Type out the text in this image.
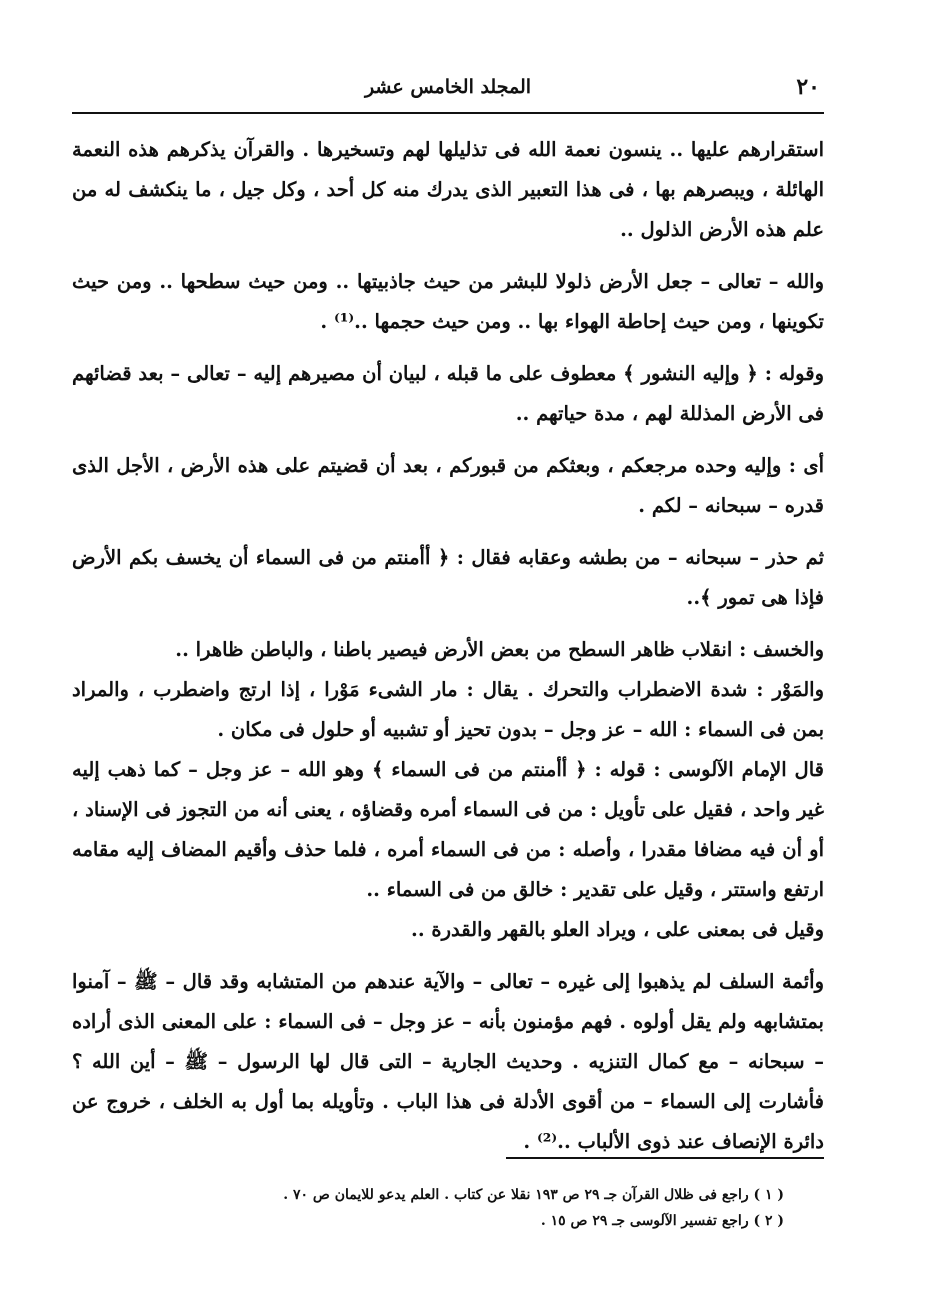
٢٠
المجلد الخامس عشر

استقرارهم عليها .. ينسون نعمة الله فى تذليلها لهم وتسخيرها . والقرآن يذكرهم هذه النعمة الهائلة ، ويبصرهم بها ، فى هذا التعبير الذى يدرك منه كل أحد ، وكل جيل ، ما ينكشف له من علم هذه الأرض الذلول ..

والله – تعالى – جعل الأرض ذلولا للبشر من حيث جاذبيتها .. ومن حيث سطحها .. ومن حيث تكوينها ، ومن حيث إحاطة الهواء بها .. ومن حيث حجمها ..⁽¹⁾ .

وقوله : ﴿ وإليه النشور ﴾ معطوف على ما قبله ، لبيان أن مصيرهم إليه – تعالى – بعد قضائهم فى الأرض المذللة لهم ، مدة حياتهم ..

أى : وإليه وحده مرجعكم ، وبعثكم من قبوركم ، بعد أن قضيتم على هذه الأرض ، الأجل الذى قدره – سبحانه – لكم .

ثم حذر – سبحانه – من بطشه وعقابه فقال : ﴿ أأمنتم من فى السماء أن يخسف بكم الأرض فإذا هى تمور ﴾..

والخسف : انقلاب ظاهر السطح من بعض الأرض فيصير باطنا ، والباطن ظاهرا ..

والمَوْر : شدة الاضطراب والتحرك . يقال : مار الشىء مَوْرا ، إذا ارتج واضطرب ، والمراد بمن فى السماء : الله – عز وجل – بدون تحيز أو تشبيه أو حلول فى مكان .

قال الإمام الآلوسى : قوله : ﴿ أأمنتم من فى السماء ﴾ وهو الله – عز وجل – كما ذهب إليه غير واحد ، فقيل على تأويل : من فى السماء أمره وقضاؤه ، يعنى أنه من التجوز فى الإسناد ، أو أن فيه مضافا مقدرا ، وأصله : من فى السماء أمره ، فلما حذف وأقيم المضاف إليه مقامه ارتفع واستتر ، وقيل على تقدير : خالق من فى السماء ..

وقيل فى بمعنى على ، ويراد العلو بالقهر والقدرة ..

وأئمة السلف لم يذهبوا إلى غيره – تعالى – والآية عندهم من المتشابه وقد قال – ﷺ – آمنوا بمتشابهه ولم يقل أولوه . فهم مؤمنون بأنه – عز وجل – فى السماء : على المعنى الذى أراده – سبحانه – مع كمال التنزيه . وحديث الجارية – التى قال لها الرسول – ﷺ – أين الله ؟ فأشارت إلى السماء – من أقوى الأدلة فى هذا الباب . وتأويله بما أول به الخلف ، خروج عن دائرة الإنصاف عند ذوى الألباب ..⁽²⁾ .

( ١ ) راجع فى ظلال القرآن جـ ٢٩ ص ١٩٣ نقلا عن كتاب . العلم يدعو للايمان ص ٧٠ .
( ٢ ) راجع تفسير الآلوسى جـ ٢٩ ص ١٥ .
